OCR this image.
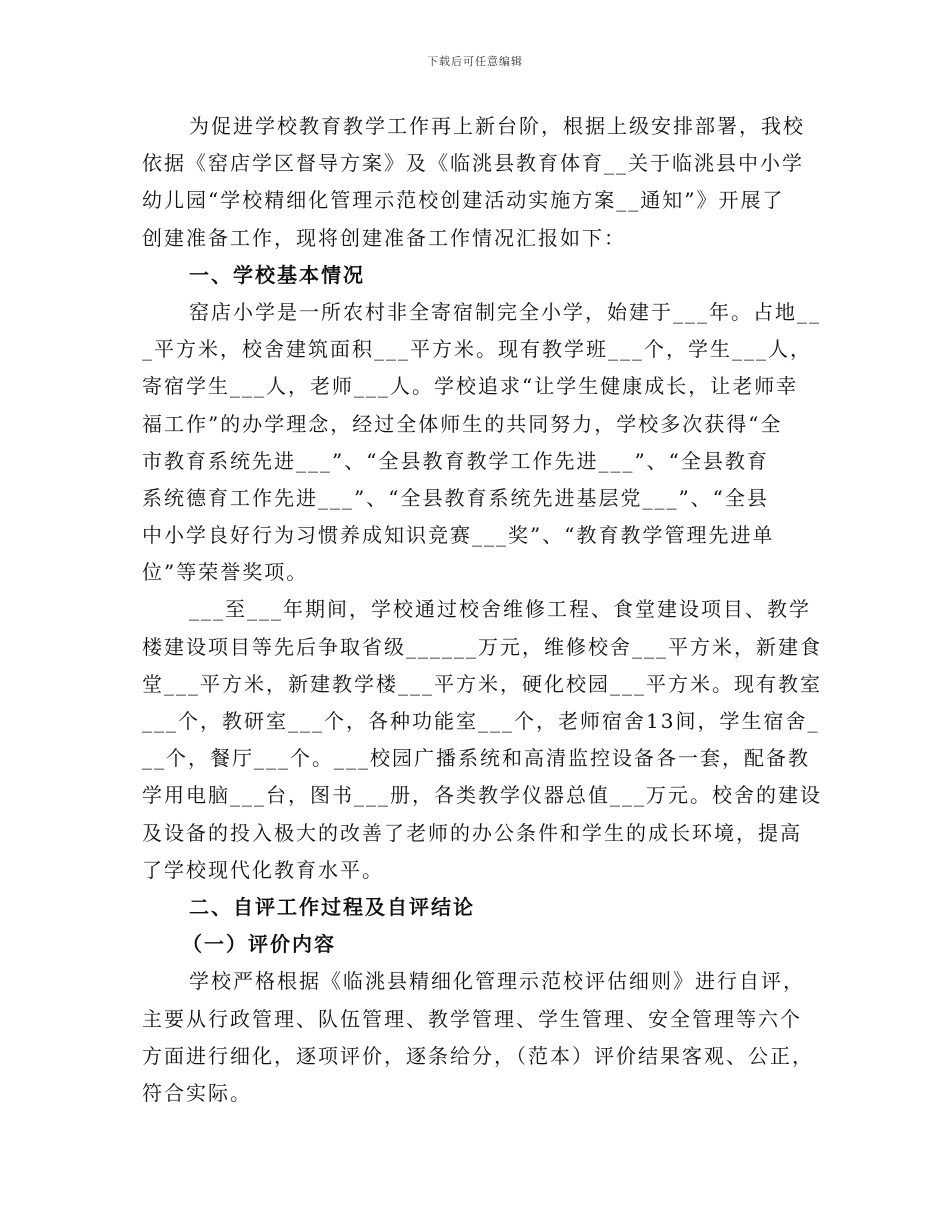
下载后可任意编辑
为促进学校教育教学工作再上新台阶，根据上级安排部署，我校
依据《窑店学区督导方案》及《临洮县教育体育__关于临洮县中小学
幼儿园“学校精细化管理示范校创建活动实施方案__通知”》开展了
创建准备工作，现将创建准备工作情况汇报如下：
一、学校基本情况
窑店小学是一所农村非全寄宿制完全小学，始建于___年。占地__
_平方米，校舍建筑面积___平方米。现有教学班___个，学生___人，
寄宿学生___人，老师___人。学校追求“让学生健康成长，让老师幸
福工作”的办学理念，经过全体师生的共同努力，学校多次获得“全
市教育系统先进___”、“全县教育教学工作先进___”、“全县教育
系统德育工作先进___”、“全县教育系统先进基层党___”、“全县
中小学良好行为习惯养成知识竞赛___奖”、“教育教学管理先进单
位”等荣誉奖项。
___至___年期间，学校通过校舍维修工程、食堂建设项目、教学
楼建设项目等先后争取省级______万元，维修校舍___平方米，新建食
堂___平方米，新建教学楼___平方米，硬化校园___平方米。现有教室
___个，教研室___个，各种功能室___个，老师宿舍13间，学生宿舍_
__个，餐厅___个。___校园广播系统和高清监控设备各一套，配备教
学用电脑___台，图书___册，各类教学仪器总值___万元。校舍的建设
及设备的投入极大的改善了老师的办公条件和学生的成长环境，提高
了学校现代化教育水平。
二、自评工作过程及自评结论
（一）评价内容
学校严格根据《临洮县精细化管理示范校评估细则》进行自评，
主要从行政管理、队伍管理、教学管理、学生管理、安全管理等六个
方面进行细化，逐项评价，逐条给分，（范本）评价结果客观、公正，
符合实际。
